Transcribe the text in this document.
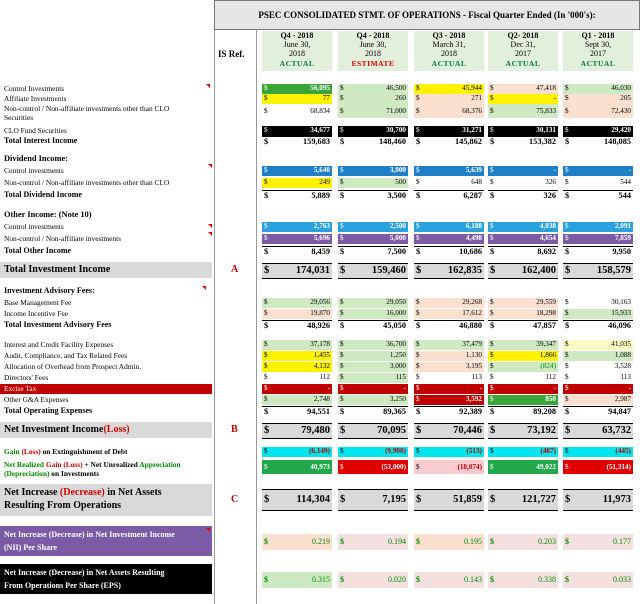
PSEC CONSOLIDATED STMT. OF OPERATIONS - Fiscal Quarter Ended (In '000's):
IS Ref.
Q4 - 2018
June 30,
2018
ACTUAL
Q4 - 2018
June 30,
2018
ESTIMATE
Q3 - 2018
March 31,
2018
ACTUAL
Q2- 2018
Dec 31,
2017
ACTUAL
Q1 - 2018
Sept 30,
2017
ACTUAL
Control Investments	$	56,095 $	46,500 $	45,944 $	47,418 $	46,030
Affiliate Investments	$	77 $	260 $	271 $	- $	205
Non-control / Non-affiliate investments other than CLO
Securities
$	68,834 $	71,000 $	68,376 $	75,833 $	72,430
CLO Fund Securities	$	34,677 $	30,700 $	31,271 $	30,131 $	29,420
Total Interest Income	$	159,683 $	148,460 $	145,862 $	153,382 $	148,085
Dividend Income:
Control investments	$	5,640 $	3,000 $	5,639 $	- $	-
Non-control / Non-affiliate investments other than CLO	$	249 $	500 $	648 $	326 $	544
Total Dividend Income	$	5,889 $	3,500 $	6,287 $	326 $	544
Other Income: (Note 10)
Control investments	$	2,763 $	2,500 $	6,188 $	4,038 $	2,091
Non-control / Non-affiliate investments	$	5,696 $	5,000 $	4,498 $	4,654 $	7,859
Total Other Income	$	8,459 $	7,500 $	10,686 $	8,692 $	9,950
Total Investment Income	A $	174,031 $	159,460 $	162,835 $	162,400 $	158,579
Investment Advisory Fees:
Base Management Fee	$	29,056 $	29,050 $	29,268 $	29,559 $	30,163
Income Incentive Fee	$	19,870 $	16,000 $	17,612 $	18,298 $	15,933
Total Investment Advisory Fees	$	48,926 $	45,050 $	46,880 $	47,857 $	46,096
Interest and Credit Facility Expenses	$	37,178 $	36,700 $	37,479 $	39,347 $	41,035
Audit, Compliance, and Tax Related Fees	$	1,455 $	1,250 $	1,130 $	1,866 $	1,088
Allocation of Overhead from Prospect Admin.	$	4,132 $	3,000 $	3,195 $	(824) $	3,528
Directors' Fees	$	112 $	115 $	113 $	112 $	113
Excise Tax	$	- $	- $	- $	- $	-
Other G&A Expenses	$	2,748 $	3,250 $	3,592 $	850 $	2,987
Total Operating Expenses	$	94,551 $	89,365 $	92,389 $	89,208 $	94,847
Net Investment Income(Loss)	B	$	79,480 $	70,095 $	70,446 $	73,192 $	63,732
Gain (Loss) on Extinguishment of Debt	$	(6,149) $	(9,900) $	(513) $	(487) $	(445)
Net Realized Gain (Loss) + Net Unrealized Appreciation
(Depreciation) on Investments
$	40,973 $	(53,000) $	(18,074) $	49,022 $	(51,314)
Net Increase (Decrease) in Net Assets
Resulting From Operations
C $	114,304 $	7,195 $	51,859 $	121,727 $	11,973
Net Increase (Decrease) in Net Investment Income
(NII) Per Share
$	0.219 $	0.194 $	0.195 $	0.203 $	0.177
Net Increase (Decrease) in Net Assets Resulting
From Operations Per Share (EPS)
$	0.315 $	0.020 $	0.143 $	0.338 $	0.033
